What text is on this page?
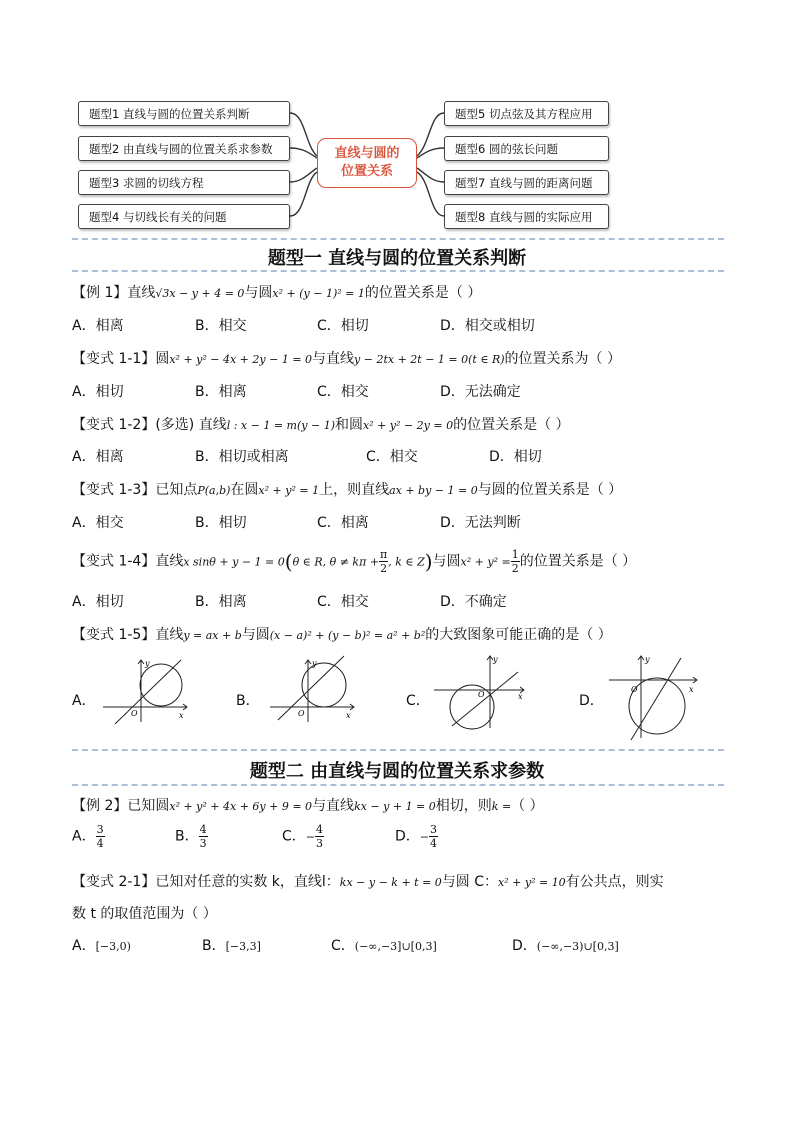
题型1 直线与圆的位置关系判断
题型2 由直线与圆的位置关系求参数
题型3 求圆的切线方程
题型4 与切线长有关的问题
题型5 切点弦及其方程应用
题型6 圆的弦长问题
题型7 直线与圆的距离问题
题型8 直线与圆的实际应用
直线与圆的
位置关系
题型一 直线与圆的位置关系判断
【例 1】直线√3x − y + 4 = 0与圆x² + (y − 1)² = 1的位置关系是（ ）
A．相离	B．相交	C．相切	D．相交或相切
【变式 1-1】圆x² + y² − 4x + 2y − 1 = 0与直线y − 2tx + 2t − 1 = 0(t ∈ R)的位置关系为（ ）
A．相切	B．相离	C．相交	D．无法确定
【变式 1-2】(多选) 直线l : x − 1 = m(y − 1)和圆x² + y² − 2y = 0的位置关系是（ ）
A．相离	B．相切或相离	C．相交	D．相切
【变式 1-3】已知点P(a,b)在圆x² + y² = 1上，则直线ax + by − 1 = 0与圆的位置关系是（ ）
A．相交	B．相切	C．相离	D．无法判断
【变式 1-4】直线x sinθ + y − 1 = 0(θ ∈ R, $\theta \ne k\pi + \frac{\pi}{2}$ , k ∈ Z)与圆$x^2 + y^2 = \frac{1}{2}$ 的位置关系是（ ）
A．相切	B．相离	C．相交	D．不确定
【变式 1-5】直线y = ax + b与圆(x − a)² + (y − b)² = a² + b²的大致图象可能正确的是（ ）
A．	B．	C．	D．
x
y
O	x
y
O
x
y
O
x
y
O
题型二 由直线与圆的位置关系求参数
【例 2】已知圆x² + y² + 4x + 6y + 9 = 0与直线kx − y + 1 = 0相切，则k =（ ）
A． $\frac{3}{4}$	B． $\frac{4}{3}$	C．− $\frac{4}{3}$	D．− $\frac{3}{4}$
【变式 2-1】已知对任意的实数 k，直线l：kx − y − k + t = 0与圆 C：x² + y² = 10有公共点，则实
数 t 的取值范围为（ ）
A．[−3,0)	B．[−3,3]	C．(−∞,−3]∪[0,3]	D．(−∞,−3)∪[0,3]
